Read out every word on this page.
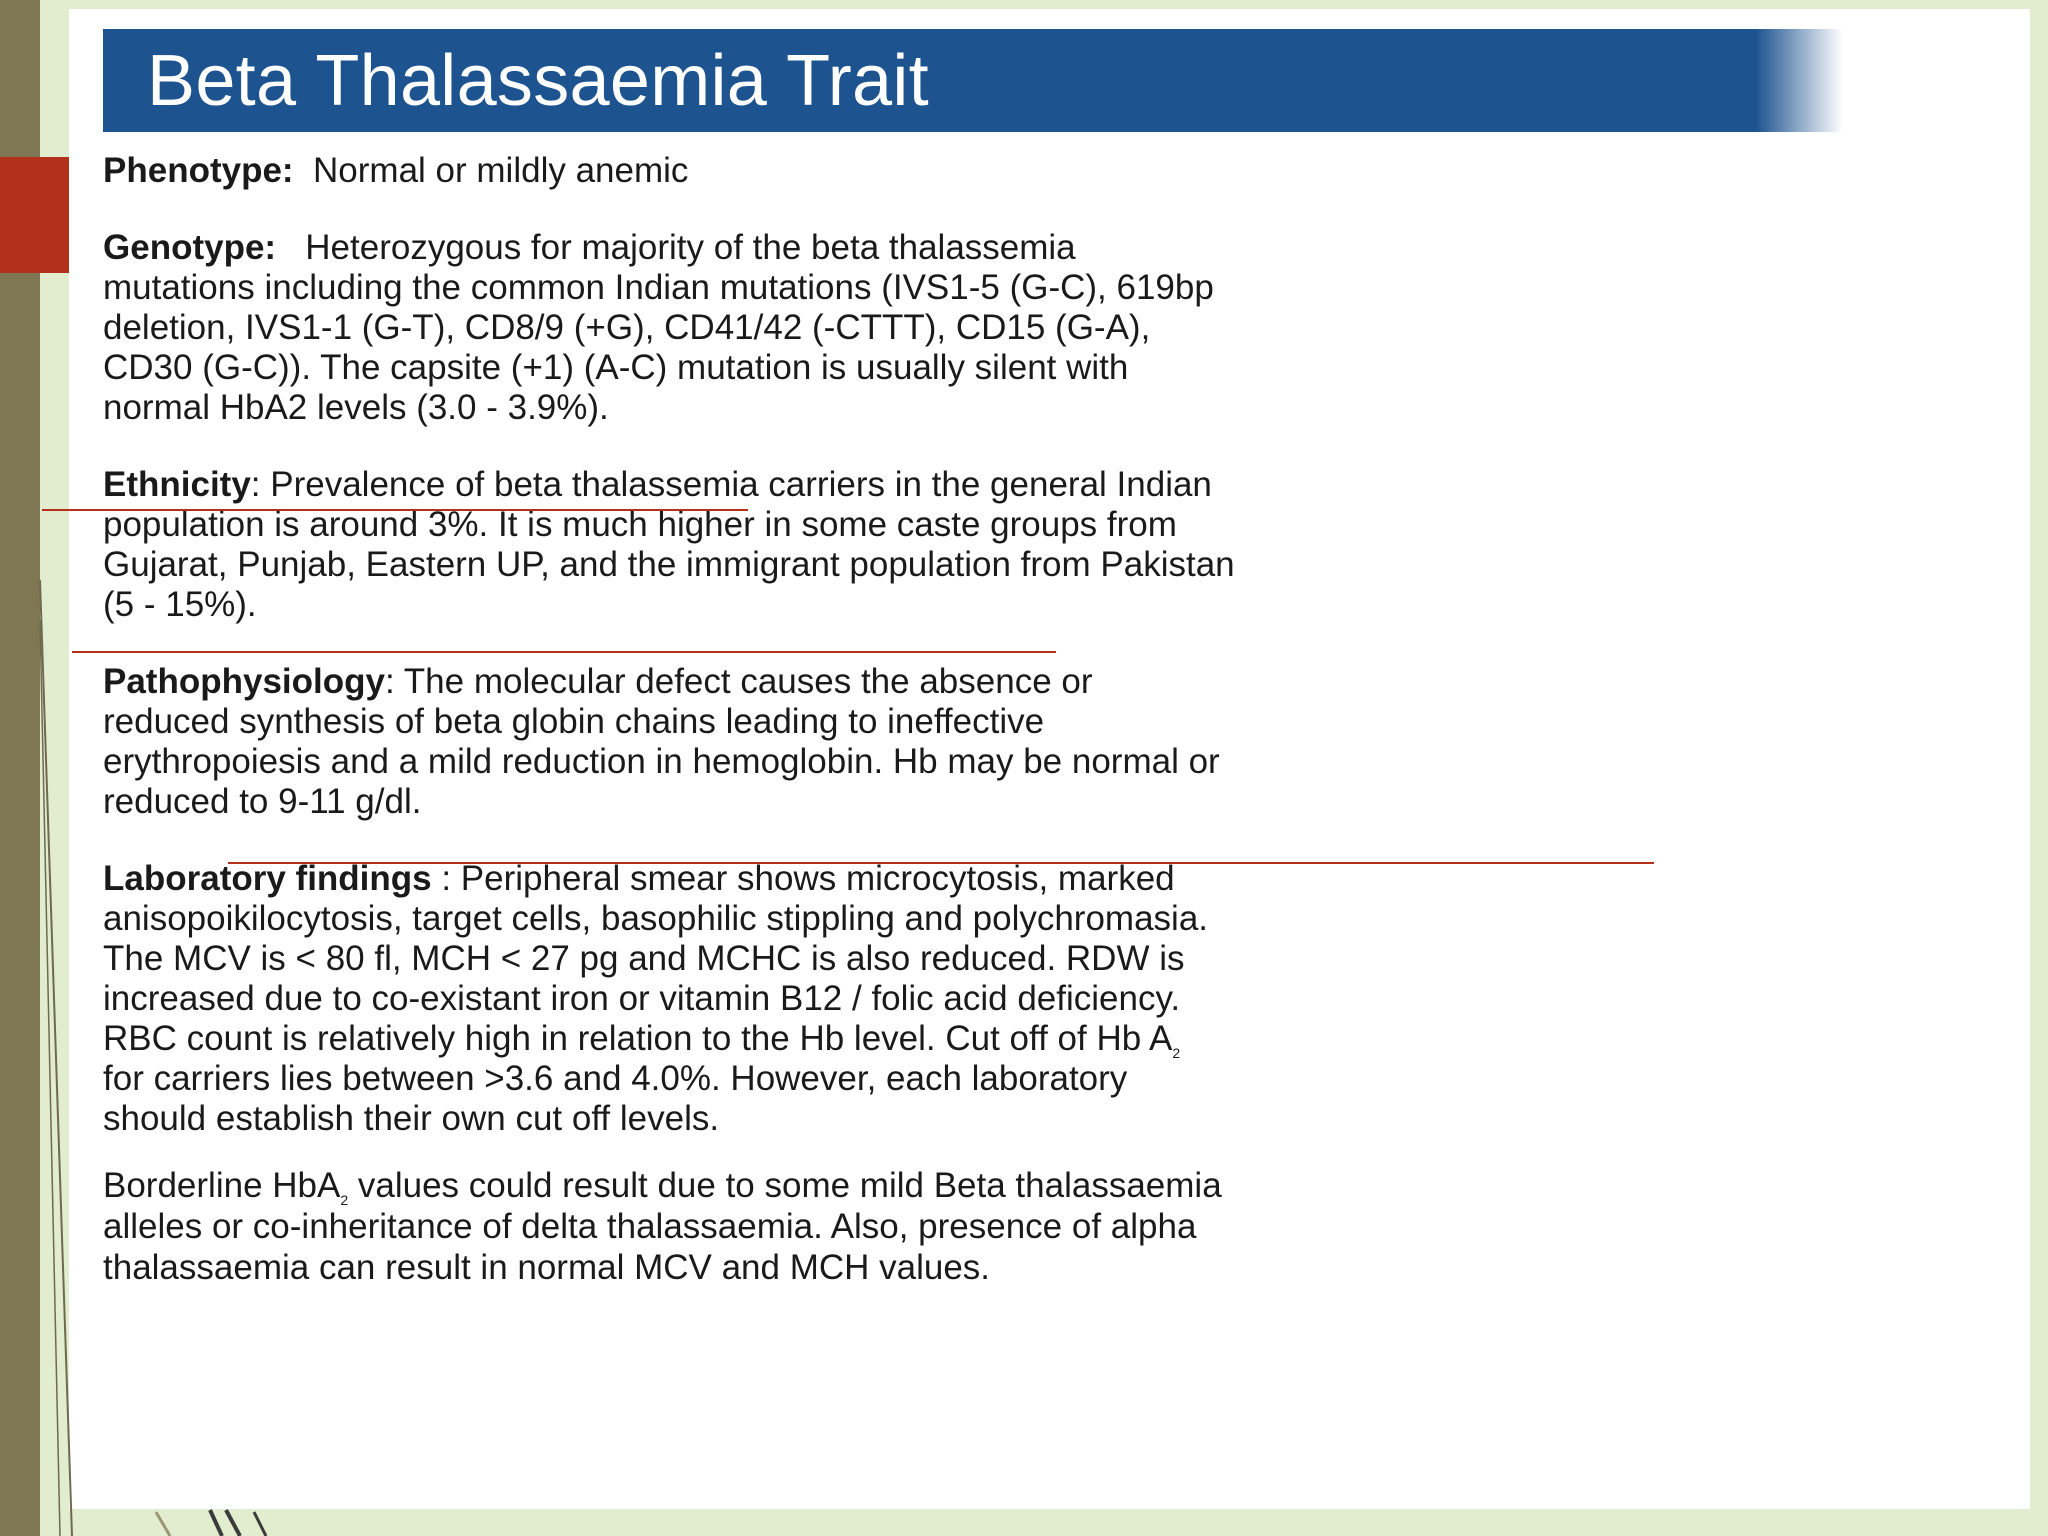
Beta Thalassaemia Trait
Phenotype: Normal or mildly anemic
Genotype: Heterozygous for majority of the beta thalassemia
mutations including the common Indian mutations (IVS1-5 (G-C), 619bp
deletion, IVS1-1 (G-T), CD8/9 (+G), CD41/42 (-CTTT), CD15 (G-A),
CD30 (G-C)). The capsite (+1) (A-C) mutation is usually silent with
normal HbA2 levels (3.0 - 3.9%).
Ethnicity: Prevalence of beta thalassemia carriers in the general Indian
population is around 3%. It is much higher in some caste groups from
Gujarat, Punjab, Eastern UP, and the immigrant population from Pakistan
(5 - 15%).
Pathophysiology: The molecular defect causes the absence or
reduced synthesis of beta globin chains leading to ineffective
erythropoiesis and a mild reduction in hemoglobin. Hb may be normal or
reduced to 9-11 g/dl.
Laboratory findings : Peripheral smear shows microcytosis, marked
anisopoikilocytosis, target cells, basophilic stippling and polychromasia.
The MCV is < 80 fl, MCH < 27 pg and MCHC is also reduced. RDW is
increased due to co-existant iron or vitamin B12 / folic acid deficiency.
RBC count is relatively high in relation to the Hb level. Cut off of Hb $A_2$
for carriers lies between >3.6 and 4.0%. However, each laboratory
should establish their own cut off levels.
Borderline HbA$_2$ values could result due to some mild Beta thalassaemia
alleles or co-inheritance of delta thalassaemia. Also, presence of alpha
thalassaemia can result in normal MCV and MCH values.
